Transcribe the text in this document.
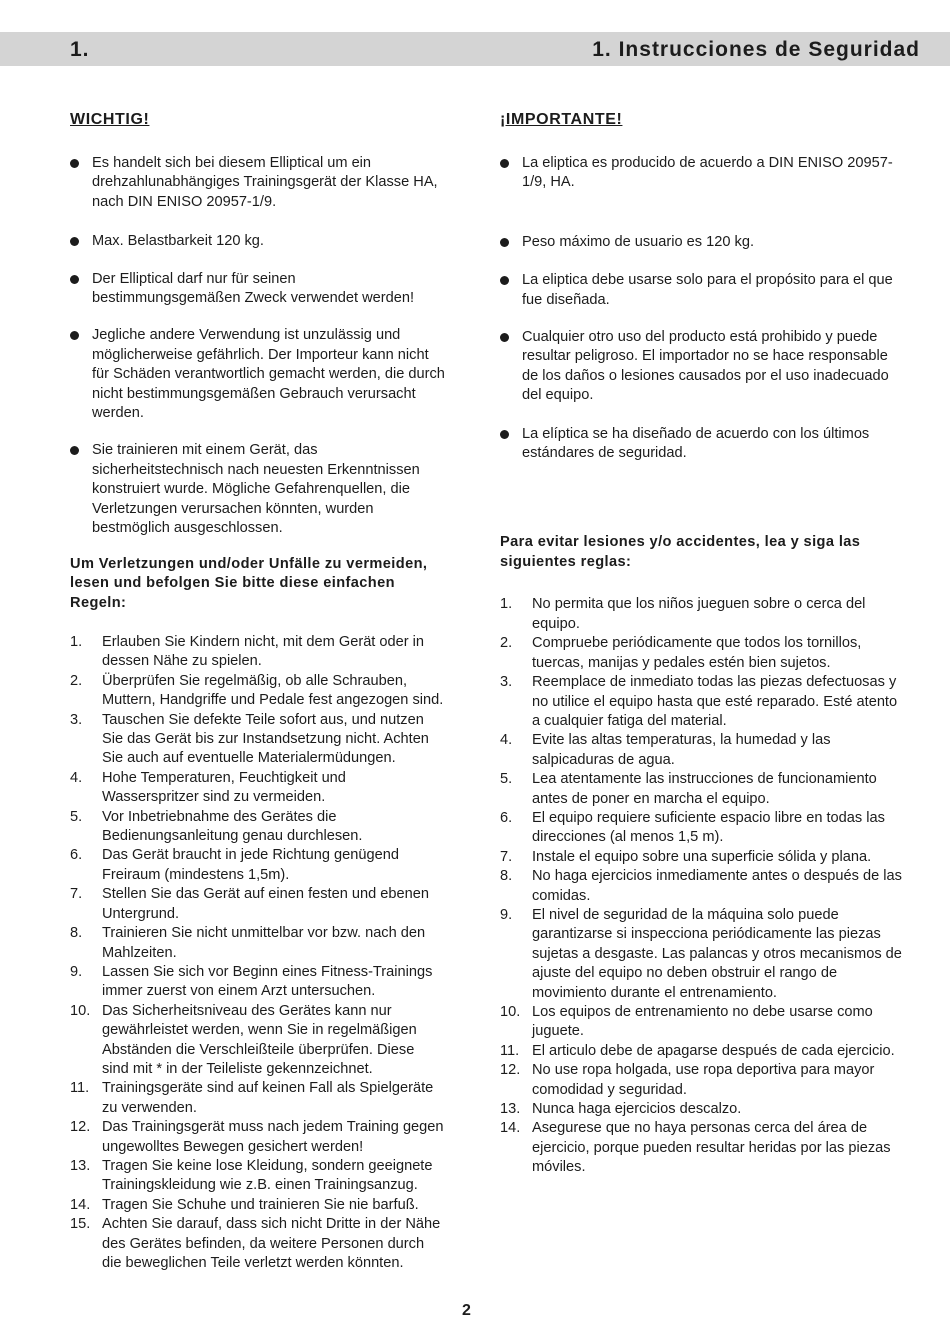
1.	1. Instrucciones de Seguridad
WICHTIG!
Es handelt sich bei diesem Elliptical um ein drehzahlunabhängiges Trainingsgerät der Klasse HA, nach DIN ENISO 20957-1/9.
Max. Belastbarkeit 120 kg.
Der Elliptical darf nur für seinen bestimmungsgemäßen Zweck verwendet werden!
Jegliche andere Verwendung ist unzulässig und möglicherweise gefährlich. Der Importeur kann nicht für Schäden verantwortlich gemacht werden, die durch nicht bestimmungsgemäßen Gebrauch verursacht werden.
Sie trainieren mit einem Gerät, das sicherheitstechnisch nach neuesten Erkenntnissen konstruiert wurde. Mögliche Gefahrenquellen, die Verletzungen verursachen könnten, wurden bestmöglich ausgeschlossen.
Um Verletzungen und/oder Unfälle zu vermeiden, lesen und befolgen Sie bitte diese einfachen Regeln:
1. Erlauben Sie Kindern nicht, mit dem Gerät oder in dessen Nähe zu spielen.
2. Überprüfen Sie regelmäßig, ob alle Schrauben, Muttern, Handgriffe und Pedale fest angezogen sind.
3. Tauschen Sie defekte Teile sofort aus, und nutzen Sie das Gerät bis zur Instandsetzung nicht. Achten Sie auch auf eventuelle Materialermüdungen.
4. Hohe Temperaturen, Feuchtigkeit und Wasserspritzer sind zu vermeiden.
5. Vor Inbetriebnahme des Gerätes die Bedienungsanleitung genau durchlesen.
6. Das Gerät braucht in jede Richtung genügend Freiraum (mindestens 1,5m).
7. Stellen Sie das Gerät auf einen festen und ebenen Untergrund.
8. Trainieren Sie nicht unmittelbar vor bzw. nach den Mahlzeiten.
9. Lassen Sie sich vor Beginn eines Fitness-Trainings immer zuerst von einem Arzt untersuchen.
10. Das Sicherheitsniveau des Gerätes kann nur gewährleistet werden, wenn Sie in regelmäßigen Abständen die Verschleißteile überprüfen. Diese sind mit * in der Teileliste gekennzeichnet.
11. Trainingsgeräte sind auf keinen Fall als Spielgeräte zu verwenden.
12. Das Trainingsgerät muss nach jedem Training gegen ungewolltes Bewegen gesichert werden!
13. Tragen Sie keine lose Kleidung, sondern geeignete Trainingskleidung wie z.B. einen Trainingsanzug.
14. Tragen Sie Schuhe und trainieren Sie nie barfuß.
15. Achten Sie darauf, dass sich nicht Dritte in der Nähe des Gerätes befinden, da weitere Personen durch die beweglichen Teile verletzt werden könnten.
¡IMPORTANTE!
La eliptica es producido de acuerdo a DIN ENISO 20957-1/9, HA.
Peso máximo de usuario es 120 kg.
La eliptica debe usarse solo para el propósito para el que fue diseñada.
Cualquier otro uso del producto está prohibido y puede resultar peligroso. El importador no se hace responsable de los daños o lesiones causados por el uso inadecuado del equipo.
La elíptica se ha diseñado de acuerdo con los últimos estándares de seguridad.
Para evitar lesiones y/o accidentes, lea y siga las siguientes reglas:
1. No permita que los niños jueguen sobre o cerca del equipo.
2. Compruebe periódicamente que todos los tornillos, tuercas, manijas y pedales estén bien sujetos.
3. Reemplace de inmediato todas las piezas defectuosas y no utilice el equipo hasta que esté reparado. Esté atento a cualquier fatiga del material.
4. Evite las altas temperaturas, la humedad y las salpicaduras de agua.
5. Lea atentamente las instrucciones de funcionamiento antes de poner en marcha el equipo.
6. El equipo requiere suficiente espacio libre en todas las direcciones (al menos 1,5 m).
7. Instale el equipo sobre una superficie sólida y plana.
8. No haga ejercicios inmediamente antes o después de las comidas.
9. El nivel de seguridad de la máquina solo puede garantizarse si inspecciona periódicamente las piezas sujetas a desgaste. Las palancas y otros mecanismos de ajuste del equipo no deben obstruir el rango de movimiento durante el entrenamiento.
10. Los equipos de entrenamiento no debe usarse como juguete.
11. El articulo debe de apagarse después de cada ejercicio.
12. No use ropa holgada, use ropa deportiva para mayor comodidad y seguridad.
13. Nunca haga ejercicios descalzo.
14. Asegurese que no haya personas cerca del área de ejercicio, porque pueden resultar heridas por las piezas móviles.
2
